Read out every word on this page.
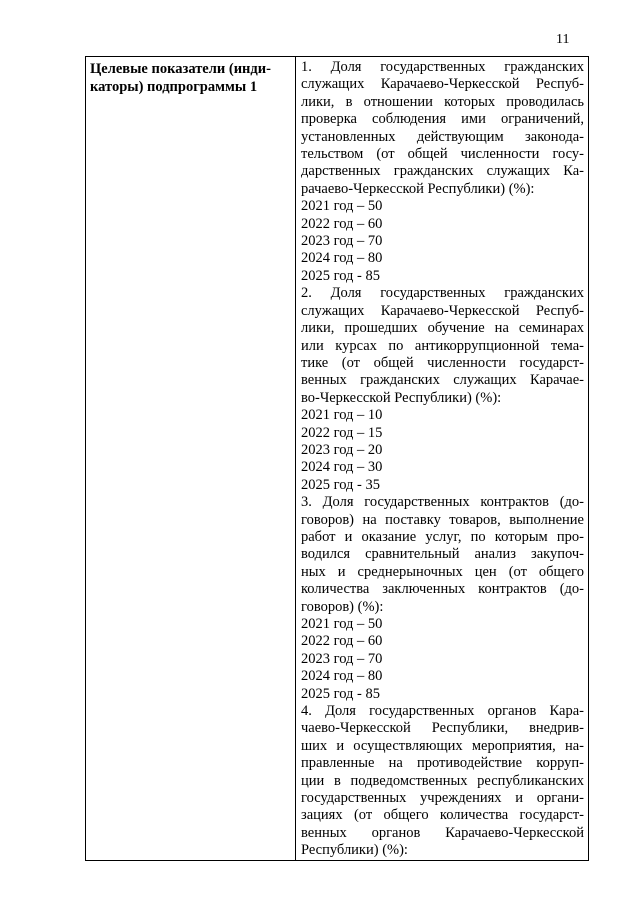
11
Целевые показатели (инди-
каторы) подпрограммы 1

1. Доля государственных гражданских
служащих Карачаево-Черкесской Респуб-
лики, в отношении которых проводилась
проверка соблюдения ими ограничений,
установленных действующим законода-
тельством (от общей численности госу-
дарственных гражданских служащих Ка-
рачаево-Черкесской Республики) (%):
2021 год – 50
2022 год – 60
2023 год – 70
2024 год – 80
2025 год - 85
2. Доля государственных гражданских
служащих Карачаево-Черкесской Респуб-
лики, прошедших обучение на семинарах
или курсах по антикоррупционной тема-
тике (от общей численности государст-
венных гражданских служащих Карачае-
во-Черкесской Республики) (%):
2021 год – 10
2022 год – 15
2023 год – 20
2024 год – 30
2025 год - 35
3. Доля государственных контрактов (до-
говоров) на поставку товаров, выполнение
работ и оказание услуг, по которым про-
водился сравнительный анализ закупоч-
ных и среднерыночных цен (от общего
количества заключенных контрактов (до-
говоров) (%):
2021 год – 50
2022 год – 60
2023 год – 70
2024 год – 80
2025 год - 85
4. Доля государственных органов Кара-
чаево-Черкесской Республики, внедрив-
ших и осуществляющих мероприятия, на-
правленные на противодействие корруп-
ции в подведомственных республиканских
государственных учреждениях и органи-
зациях (от общего количества государст-
венных органов Карачаево-Черкесской
Республики) (%):
